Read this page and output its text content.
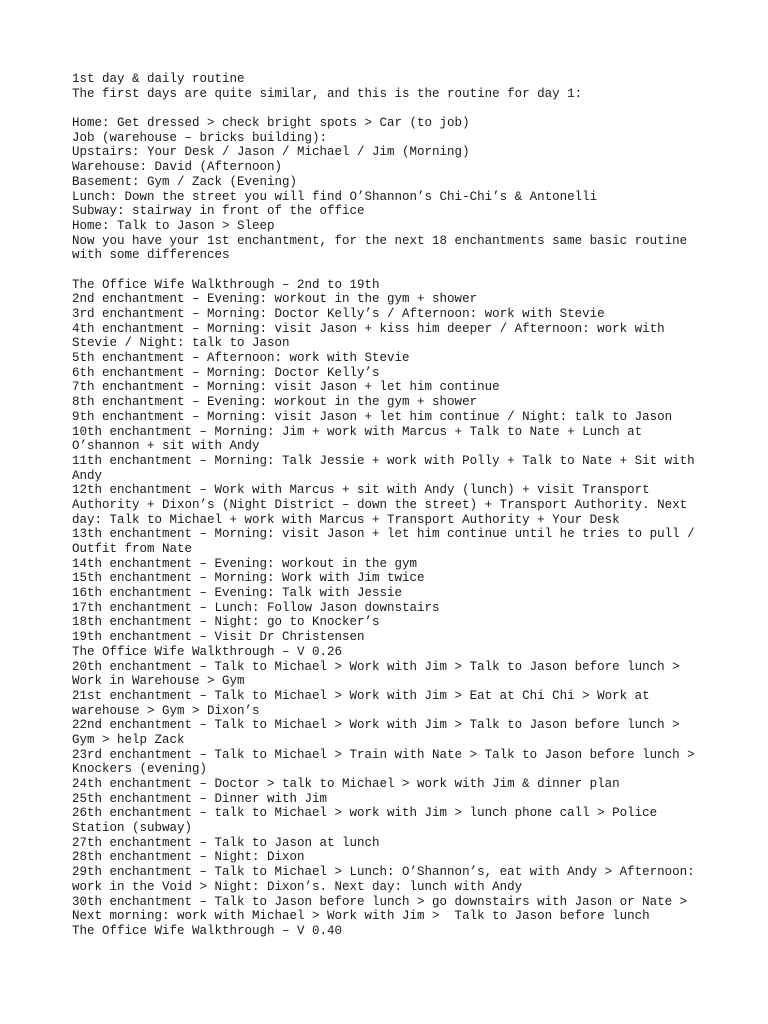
1st day & daily routine
The first days are quite similar, and this is the routine for day 1:
Home: Get dressed > check bright spots > Car (to job)
Job (warehouse – bricks building):
Upstairs: Your Desk / Jason / Michael / Jim (Morning)
Warehouse: David (Afternoon)
Basement: Gym / Zack (Evening)
Lunch: Down the street you will find O’Shannon’s Chi-Chi’s & Antonelli
Subway: stairway in front of the office
Home: Talk to Jason > Sleep
Now you have your 1st enchantment, for the next 18 enchantments same basic routine
with some differences
The Office Wife Walkthrough – 2nd to 19th
2nd enchantment – Evening: workout in the gym + shower
3rd enchantment – Morning: Doctor Kelly’s / Afternoon: work with Stevie
4th enchantment – Morning: visit Jason + kiss him deeper / Afternoon: work with
Stevie / Night: talk to Jason
5th enchantment – Afternoon: work with Stevie
6th enchantment – Morning: Doctor Kelly’s
7th enchantment – Morning: visit Jason + let him continue
8th enchantment – Evening: workout in the gym + shower
9th enchantment – Morning: visit Jason + let him continue / Night: talk to Jason
10th enchantment – Morning: Jim + work with Marcus + Talk to Nate + Lunch at
O’shannon + sit with Andy
11th enchantment – Morning: Talk Jessie + work with Polly + Talk to Nate + Sit with
Andy
12th enchantment – Work with Marcus + sit with Andy (lunch) + visit Transport
Authority + Dixon’s (Night District – down the street) + Transport Authority. Next
day: Talk to Michael + work with Marcus + Transport Authority + Your Desk
13th enchantment – Morning: visit Jason + let him continue until he tries to pull /
Outfit from Nate
14th enchantment – Evening: workout in the gym
15th enchantment – Morning: Work with Jim twice
16th enchantment – Evening: Talk with Jessie
17th enchantment – Lunch: Follow Jason downstairs
18th enchantment – Night: go to Knocker’s
19th enchantment – Visit Dr Christensen
The Office Wife Walkthrough – V 0.26
20th enchantment – Talk to Michael > Work with Jim > Talk to Jason before lunch >
Work in Warehouse > Gym
21st enchantment – Talk to Michael > Work with Jim > Eat at Chi Chi > Work at
warehouse > Gym > Dixon’s
22nd enchantment – Talk to Michael > Work with Jim > Talk to Jason before lunch >
Gym > help Zack
23rd enchantment – Talk to Michael > Train with Nate > Talk to Jason before lunch >
Knockers (evening)
24th enchantment – Doctor > talk to Michael > work with Jim & dinner plan
25th enchantment – Dinner with Jim
26th enchantment – talk to Michael > work with Jim > lunch phone call > Police
Station (subway)
27th enchantment – Talk to Jason at lunch
28th enchantment – Night: Dixon
29th enchantment – Talk to Michael > Lunch: O’Shannon’s, eat with Andy > Afternoon:
work in the Void > Night: Dixon’s. Next day: lunch with Andy
30th enchantment – Talk to Jason before lunch > go downstairs with Jason or Nate >
Next morning: work with Michael > Work with Jim >  Talk to Jason before lunch
The Office Wife Walkthrough – V 0.40
